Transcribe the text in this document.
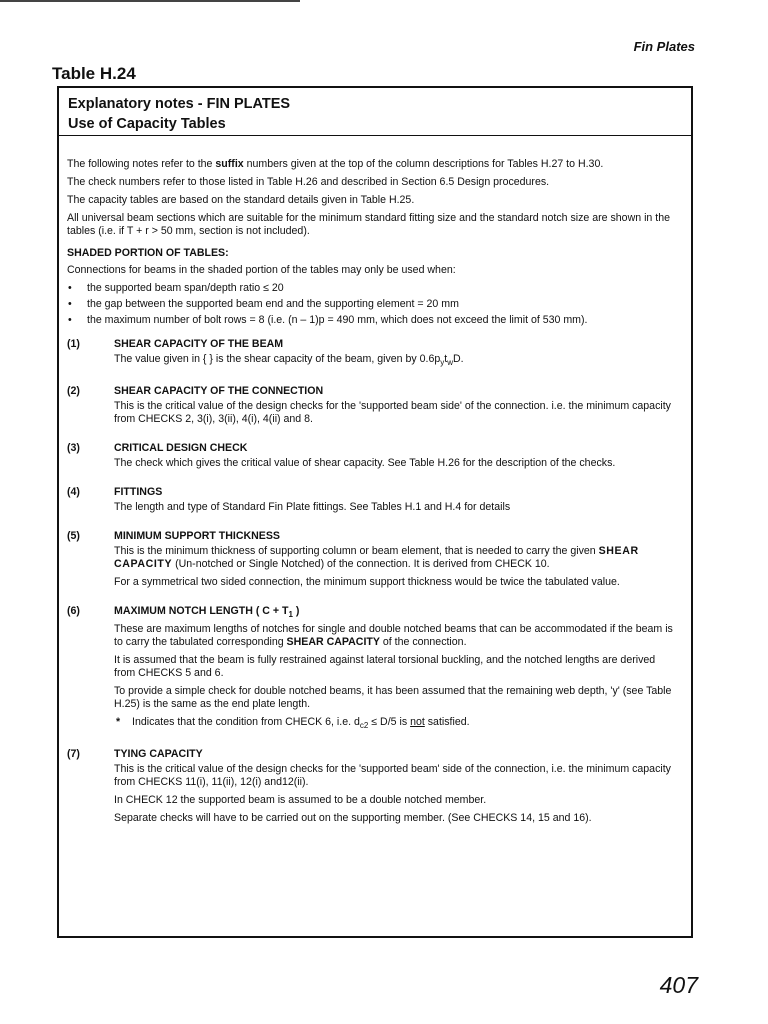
Fin Plates
Table H.24
Explanatory notes - FIN PLATES
Use of Capacity Tables

The following notes refer to the suffix numbers given at the top of the column descriptions for Tables H.27 to H.30.

The check numbers refer to those listed in Table H.26 and described in Section 6.5 Design procedures.

The capacity tables are based on the standard details given in Table H.25.

All universal beam sections which are suitable for the minimum standard fitting size and the standard notch size are shown in the tables (i.e. if T + r > 50 mm, section is not included).

SHADED PORTION OF TABLES:

Connections for beams in the shaded portion of the tables may only be used when:

• the supported beam span/depth ratio ≤ 20
• the gap between the supported beam end and the supporting element = 20 mm
• the maximum number of bolt rows = 8 (i.e. (n – 1)p = 490 mm, which does not exceed the limit of 530 mm).
(1)	SHEAR CAPACITY OF THE BEAM

The value given in { } is the shear capacity of the beam, given by $0.6p_yt_wD$.

(2)	SHEAR CAPACITY OF THE CONNECTION

This is the critical value of the design checks for the 'supported beam side' of the connection. i.e. the minimum capacity from CHECKS 2, 3(i), 3(ii), 4(i), 4(ii) and 8.

(3)	CRITICAL DESIGN CHECK

The check which gives the critical value of shear capacity. See Table H.26 for the description of the checks.

(4)	FITTINGS

The length and type of Standard Fin Plate fittings. See Tables H.1 and H.4 for details

(5)	MINIMUM SUPPORT THICKNESS

This is the minimum thickness of supporting column or beam element, that is needed to carry the given SHEAR CAPACITY (Un-notched or Single Notched) of the connection. It is derived from CHECK 10.

For a symmetrical two sided connection, the minimum support thickness would be twice the tabulated value.

(6)	MAXIMUM NOTCH LENGTH ( $C + T_1$ )

These are maximum lengths of notches for single and double notched beams that can be accommodated if the beam is to carry the tabulated corresponding SHEAR CAPACITY of the connection.

It is assumed that the beam is fully restrained against lateral torsional buckling, and the notched lengths are derived from CHECKS 5 and 6.

To provide a simple check for double notched beams, it has been assumed that the remaining web depth, 'y' (see Table H.25) is the same as the end plate length.

* Indicates that the condition from CHECK 6, i.e. $d_{c2} \le D/5$ is not satisfied.

(7)	TYING CAPACITY

This is the critical value of the design checks for the 'supported beam' side of the connection, i.e. the minimum capacity from CHECKS 11(i), 11(ii), 12(i) and12(ii).

In CHECK 12 the supported beam is assumed to be a double notched member.

Separate checks will have to be carried out on the supporting member. (See CHECKS 14, 15 and 16).

407
